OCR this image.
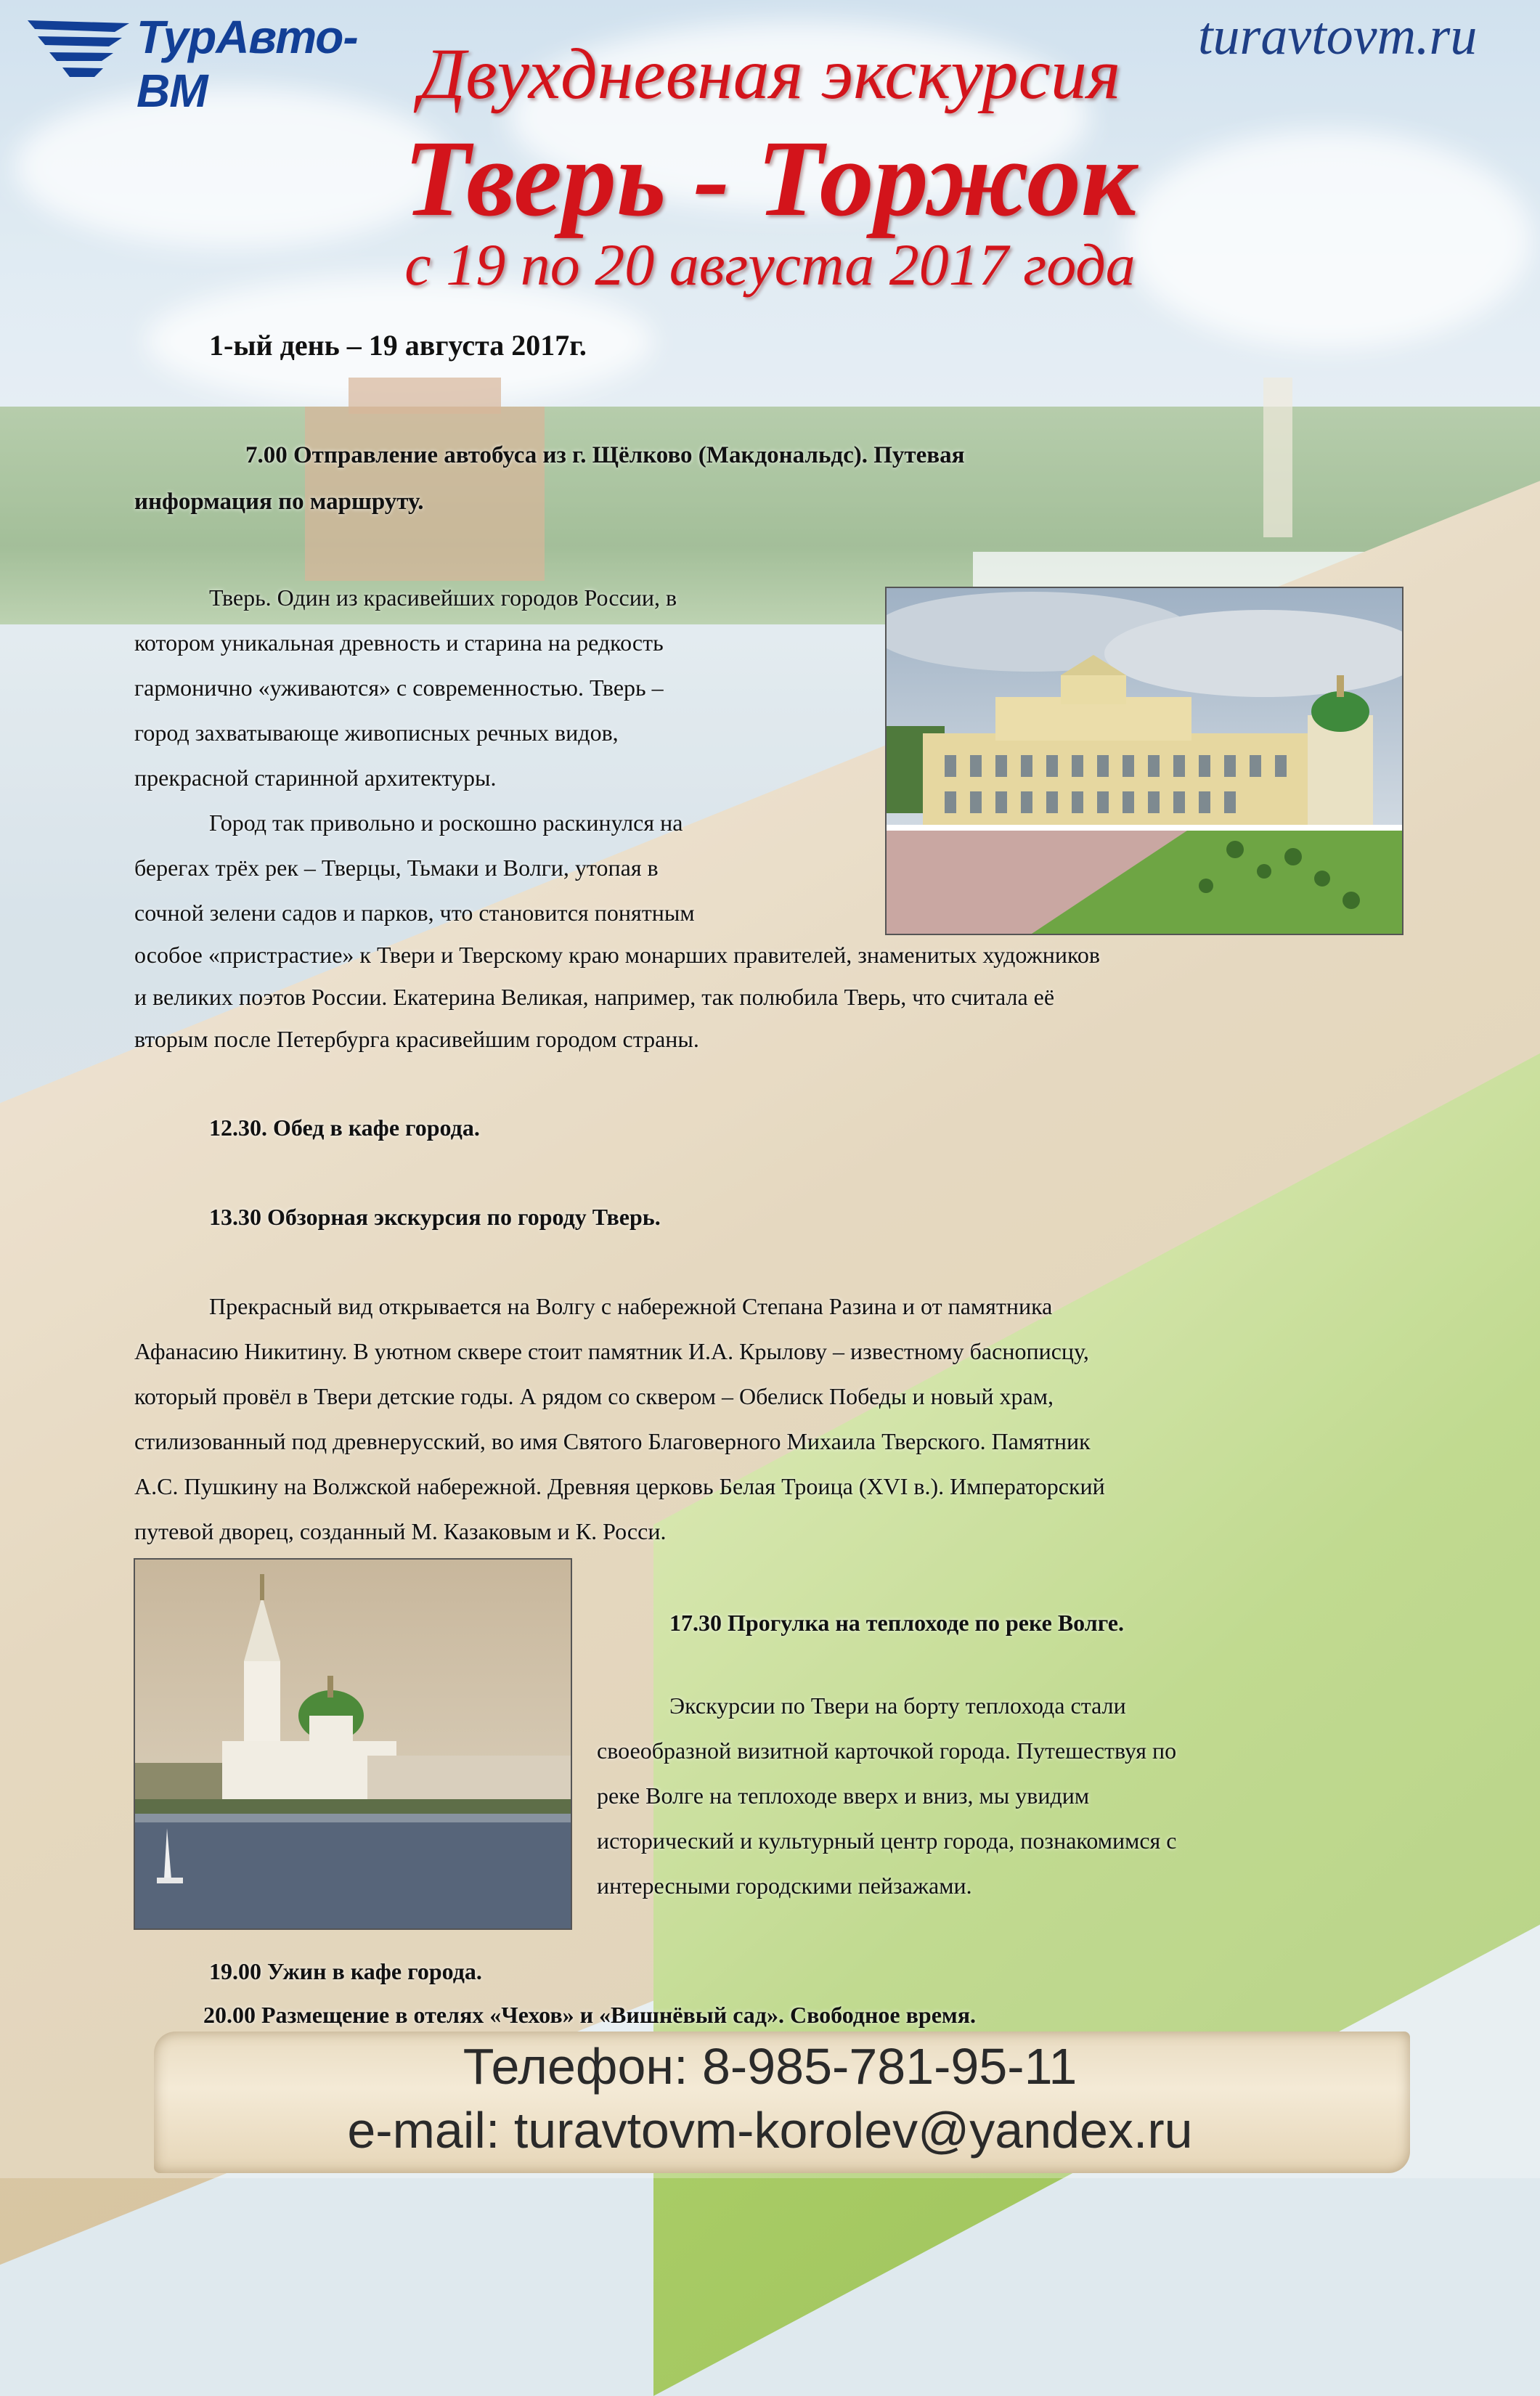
ТурАвто-ВМ
turavtovm.ru
Двухдневная экскурсия
Тверь - Торжок
с 19 по 20 августа 2017 года
1-ый день – 19 августа 2017г.
7.00 Отправление автобуса из г. Щёлково (Макдональдс). Путевая
информация по маршруту.
Тверь. Один из красивейших городов России, в
котором уникальная древность и старина на редкость
гармонично «уживаются» с современностью. Тверь –
город захватывающе живописных речных видов,
прекрасной старинной архитектуры.
Город так привольно и роскошно раскинулся на
берегах трёх рек – Тверцы, Тьмаки и Волги, утопая в
сочной зелени садов и парков, что становится понятным
особое «пристрастие» к Твери и Тверскому краю монарших правителей, знаменитых художников
и великих поэтов России. Екатерина Великая, например, так полюбила Тверь, что считала её
вторым после Петербурга красивейшим городом страны.
12.30. Обед в кафе города.
13.30 Обзорная экскурсия по городу Тверь.
Прекрасный вид открывается на Волгу с набережной Степана Разина и от памятника
Афанасию Никитину. В уютном сквере стоит памятник И.А. Крылову – известному баснописцу,
который провёл в Твери детские годы. А рядом со сквером – Обелиск Победы и новый храм,
стилизованный под древнерусский, во имя Святого Благоверного Михаила Тверского. Памятник
А.С. Пушкину на Волжской набережной. Древняя церковь Белая Троица (XVI в.). Императорский
путевой дворец, созданный М. Казаковым и К. Росси.
17.30 Прогулка на теплоходе по реке Волге.
Экскурсии по Твери на борту теплохода стали
своеобразной визитной карточкой города. Путешествуя по
реке Волге на теплоходе вверх и вниз, мы увидим
исторический и культурный центр города, познакомимся с
интересными городскими пейзажами.
19.00 Ужин в кафе города.
20.00 Размещение в отелях «Чехов» и «Вишнёвый сад». Свободное время.
Телефон: 8-985-781-95-11
e-mail: turavtovm-korolev@yandex.ru
